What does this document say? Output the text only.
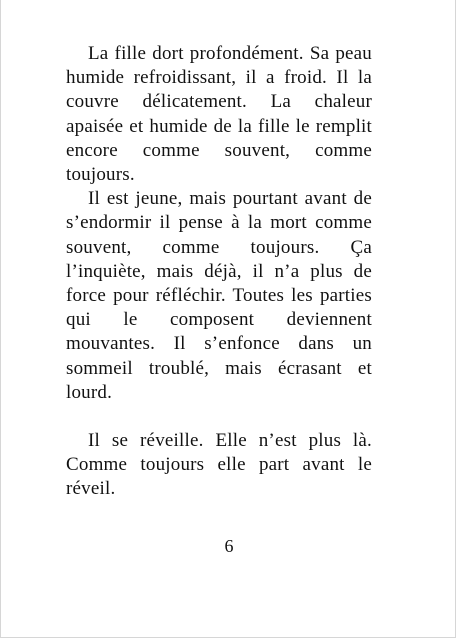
La fille dort profondément. Sa peau humide refroidissant, il a froid. Il la couvre délicatement. La chaleur apaisée et humide de la fille le remplit encore comme souvent, comme toujours.

Il est jeune, mais pourtant avant de s’endormir il pense à la mort comme souvent, comme toujours. Ça l’inquiète, mais déjà, il n’a plus de force pour réfléchir. Toutes les parties qui le composent deviennent mouvantes. Il s’enfonce dans un sommeil troublé, mais écrasant et lourd.

Il se réveille. Elle n’est plus là. Comme toujours elle part avant le réveil.

6
